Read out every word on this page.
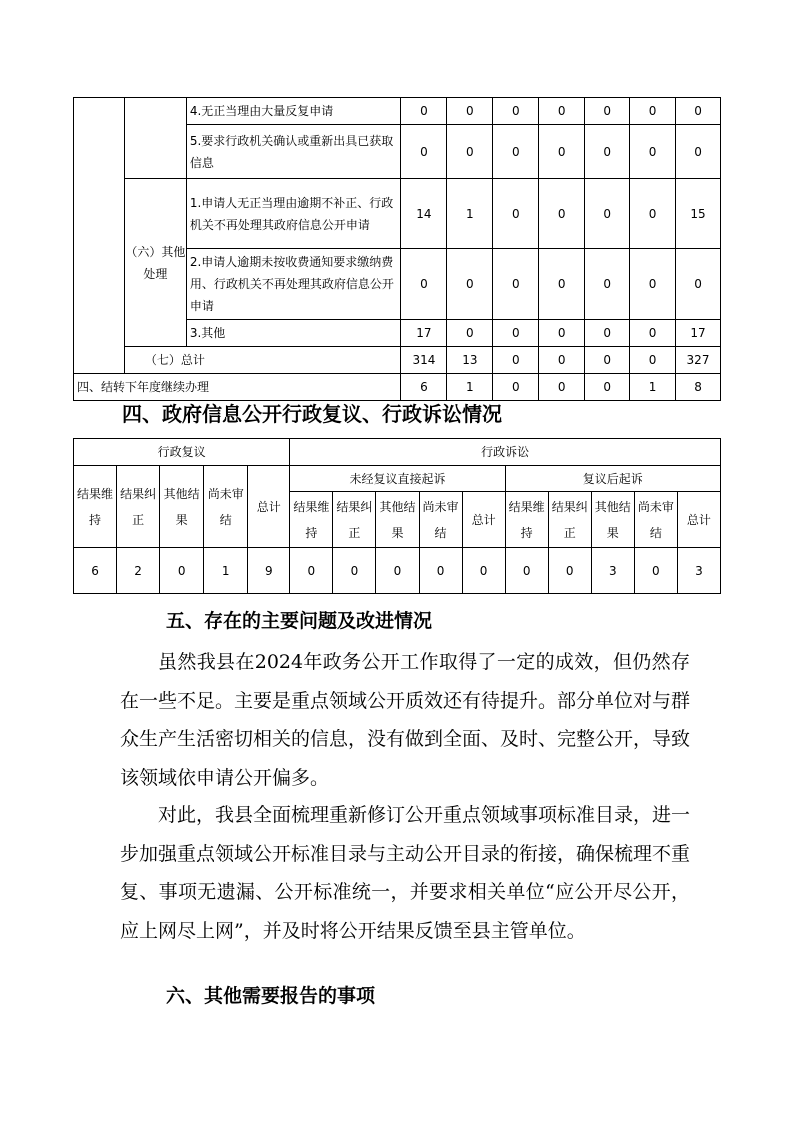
		4.无正当理由大量反复申请	0	0	0	0	0	0	0
		5.要求行政机关确认或重新出具已获取信息	0	0	0	0	0	0	0
	（六）其他处理	1.申请人无正当理由逾期不补正、行政机关不再处理其政府信息公开申请	14	1	0	0	0	0	15
		2.申请人逾期未按收费通知要求缴纳费用、行政机关不再处理其政府信息公开申请	0	0	0	0	0	0	0
		3.其他	17	0	0	0	0	0	17
	（七）总计		314	13	0	0	0	0	327
四、结转下年度继续办理			6	1	0	0	0	1	8
四、政府信息公开行政复议、行政诉讼情况
行政复议					行政诉讼									
结果维持	结果纠正	其他结果	尚未审结	总计	未经复议直接起诉					复议后起诉				
					结果维持	结果纠正	其他结果	尚未审结	总计	结果维持	结果纠正	其他结果	尚未审结	总计
6	2	0	1	9	0	0	0	0	0	0	0	3	0	3
五、存在的主要问题及改进情况

虽然我县在2024年政务公开工作取得了一定的成效，但仍然存在一些不足。主要是重点领域公开质效还有待提升。部分单位对与群众生产生活密切相关的信息，没有做到全面、及时、完整公开，导致该领域依申请公开偏多。

对此，我县全面梳理重新修订公开重点领域事项标准目录，进一步加强重点领域公开标准目录与主动公开目录的衔接，确保梳理不重复、事项无遗漏、公开标准统一，并要求相关单位“应公开尽公开，应上网尽上网”，并及时将公开结果反馈至县主管单位。

六、其他需要报告的事项
